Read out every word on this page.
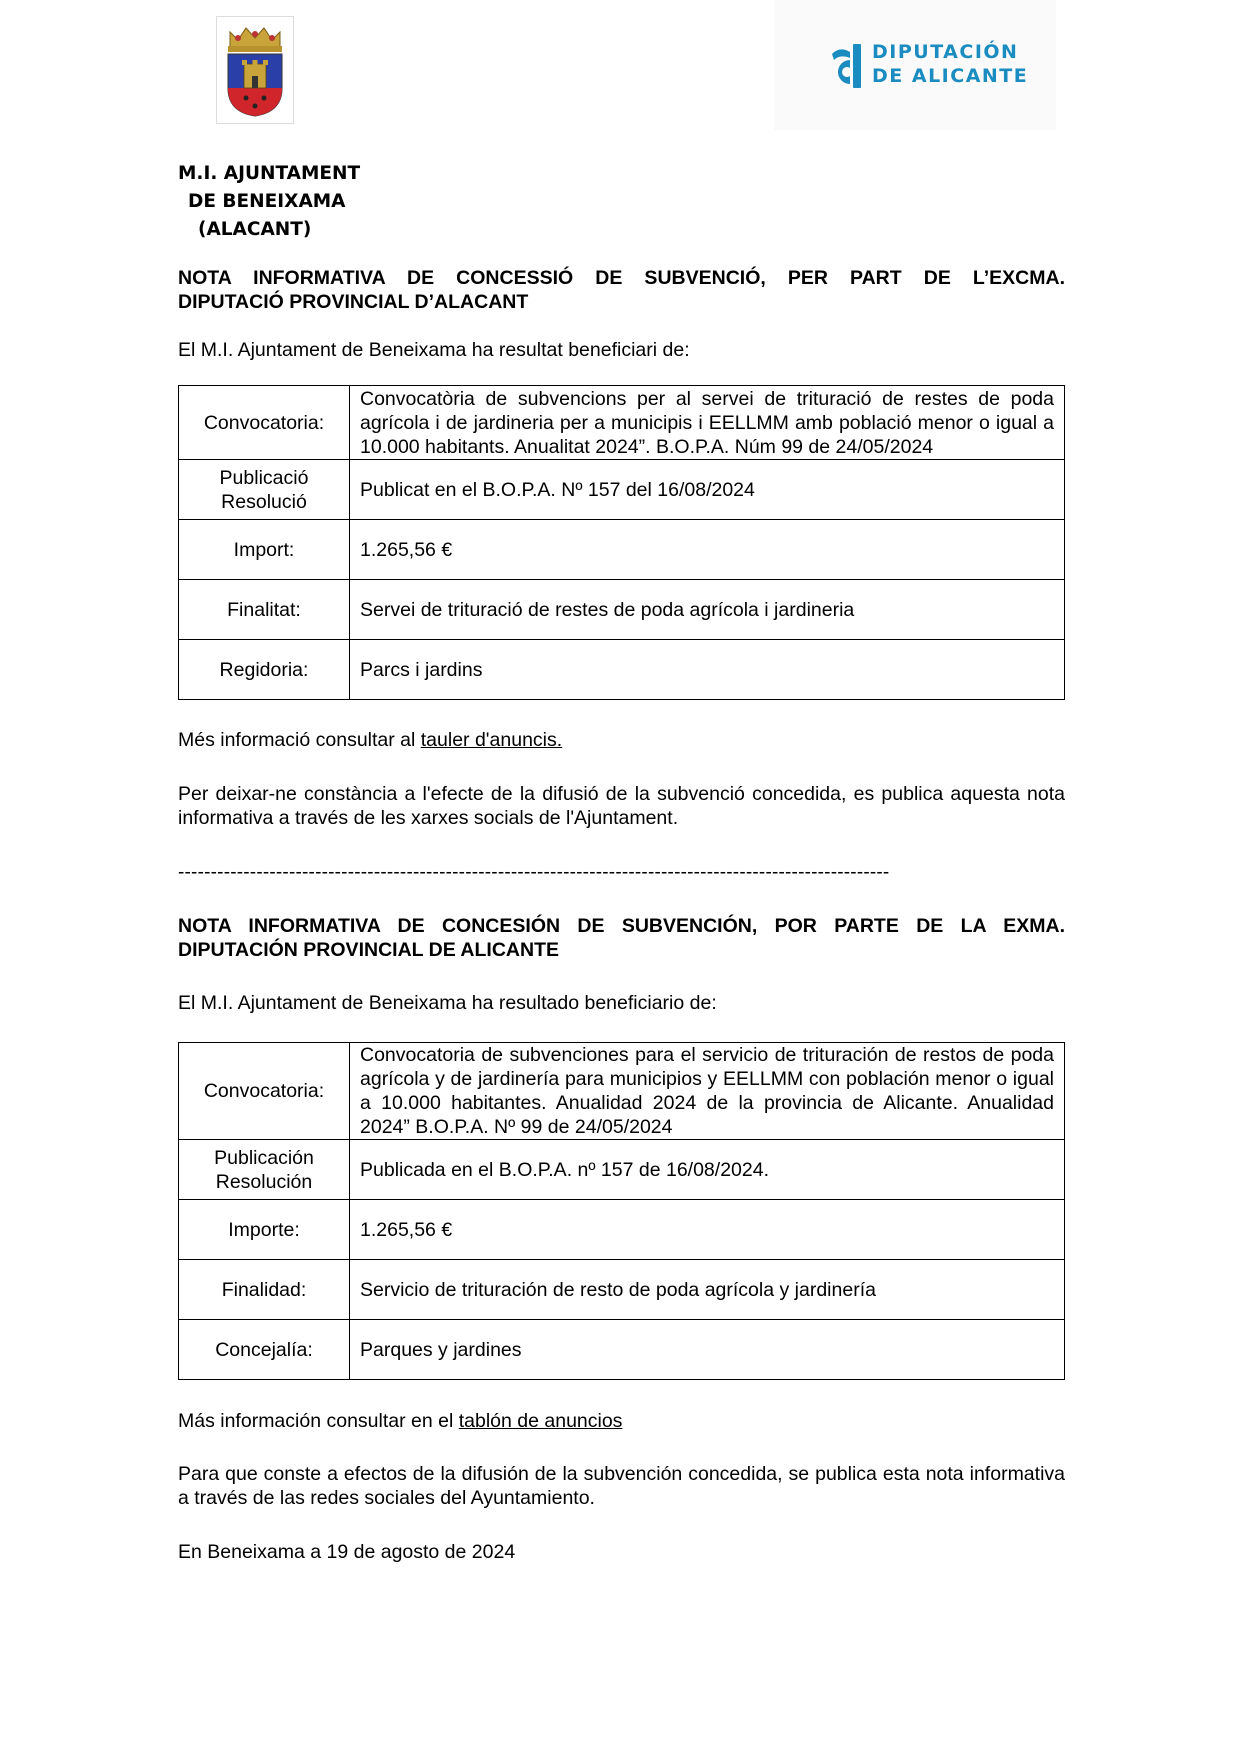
DIPUTACIÓN
DE ALICANTE
M.I. AJUNTAMENT
DE BENEIXAMA
(ALACANT)
NOTA INFORMATIVA DE CONCESSIÓ DE SUBVENCIÓ, PER PART DE L’EXCMA.
DIPUTACIÓ PROVINCIAL D’ALACANT
El M.I. Ajuntament de Beneixama ha resultat beneficiari de:
Convocatoria:	Convocatòria de subvencions per al servei de trituració de restes de poda agrícola i de jardineria per a municipis i EELLMM amb població menor o igual a 10.000 habitants. Anualitat 2024”. B.O.P.A. Núm 99 de 24/05/2024
Publicació Resolució	Publicat en el B.O.P.A. Nº 157 del 16/08/2024
Import:	1.265,56 €
Finalitat:	Servei de trituració de restes de poda agrícola i jardineria
Regidoria:	Parcs i jardins
Més informació consultar al tauler d'anuncis.
Per deixar-ne constància a l'efecte de la difusió de la subvenció concedida, es publica aquesta nota informativa a través de les xarxes socials de l'Ajuntament.
-------------------------------------------------------------------------------------------------------------
NOTA INFORMATIVA DE CONCESIÓN DE SUBVENCIÓN, POR PARTE DE LA EXMA.
DIPUTACIÓN PROVINCIAL DE ALICANTE
El M.I. Ajuntament de Beneixama ha resultado beneficiario de:
Convocatoria:	Convocatoria de subvenciones para el servicio de trituración de restos de poda agrícola y de jardinería para municipios y EELLMM con población menor o igual a 10.000 habitantes. Anualidad 2024 de la provincia de Alicante. Anualidad 2024” B.O.P.A. Nº 99 de 24/05/2024
Publicación Resolución	Publicada en el B.O.P.A. nº 157 de 16/08/2024.
Importe:	1.265,56 €
Finalidad:	Servicio de trituración de resto de poda agrícola y jardinería
Concejalía:	Parques y jardines
Más información consultar en el tablón de anuncios
Para que conste a efectos de la difusión de la subvención concedida, se publica esta nota informativa a través de las redes sociales del Ayuntamiento.
En Beneixama a 19 de agosto de 2024
